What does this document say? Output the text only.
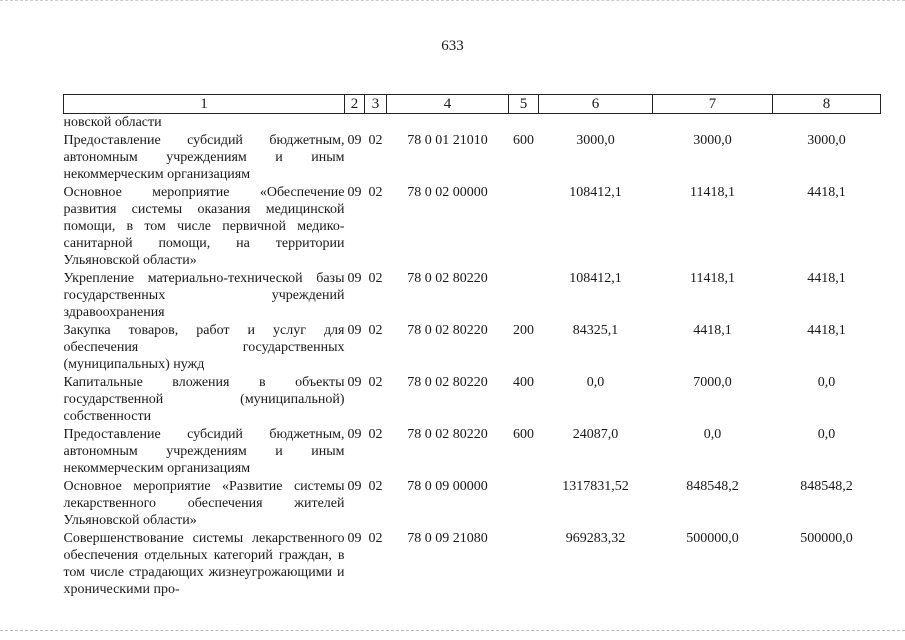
633
1	2	3	4	5	6	7	8
новской области							
Предоставление субсидий бюджетным, автономным учреждениям и иным некоммерческим организациям	09	02	78 0 01 21010	600	3000,0	3000,0	3000,0
Основное мероприятие «Обеспечение развития системы оказания медицинской помощи, в том числе первичной медико-санитарной помощи, на территории Ульяновской области»	09	02	78 0 02 00000		108412,1	11418,1	4418,1
Укрепление материально-технической базы государственных учреждений здравоохранения	09	02	78 0 02 80220		108412,1	11418,1	4418,1
Закупка товаров, работ и услуг для обеспечения государственных (муниципальных) нужд	09	02	78 0 02 80220	200	84325,1	4418,1	4418,1
Капитальные вложения в объекты государственной (муниципальной) собственности	09	02	78 0 02 80220	400	0,0	7000,0	0,0
Предоставление субсидий бюджетным, автономным учреждениям и иным некоммерческим организациям	09	02	78 0 02 80220	600	24087,0	0,0	0,0
Основное мероприятие «Развитие системы лекарственного обеспечения жителей Ульяновской области»	09	02	78 0 09 00000		1317831,52	848548,2	848548,2
Совершенствование системы лекарственного обеспечения отдельных категорий граждан, в том числе страдающих жизнеугрожающими и хроническими про-	09	02	78 0 09 21080		969283,32	500000,0	500000,0
